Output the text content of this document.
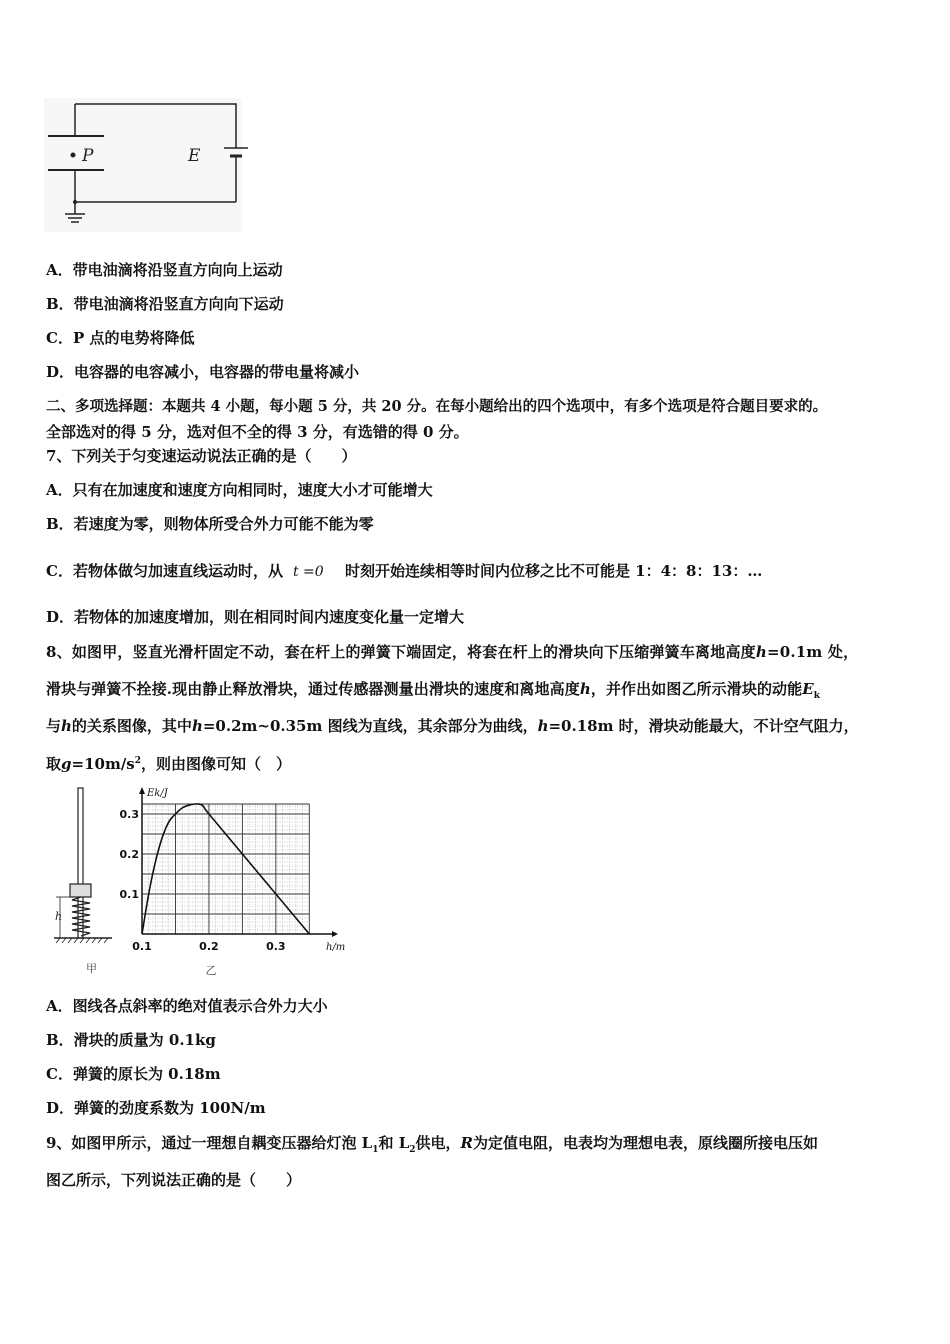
P	E
A．带电油滴将沿竖直方向向上运动
B．带电油滴将沿竖直方向向下运动
C．P 点的电势将降低
D．电容器的电容减小，电容器的带电量将减小
二、多项选择题：本题共 4 小题，每小题 5 分，共 20 分。在每小题给出的四个选项中，有多个选项是符合题目要求的。
全部选对的得 5 分，选对但不全的得 3 分，有选错的得 0 分。
7、下列关于匀变速运动说法正确的是（　　）
A．只有在加速度和速度方向相同时，速度大小才可能增大
B．若速度为零，则物体所受合外力可能不能为零
C．若物体做匀加速直线运动时，从 t =0 时刻开始连续相等时间内位移之比不可能是 1：4：8：13：…
D．若物体的加速度增加，则在相同时间内速度变化量一定增大
8、如图甲，竖直光滑杆固定不动，套在杆上的弹簧下端固定，将套在杆上的滑块向下压缩弹簧车离地高度h=0.1m 处，
滑块与弹簧不拴接.现由静止释放滑块，通过传感器测量出滑块的速度和离地高度h，并作出如图乙所示滑块的动能$E_k$
与h的关系图像，其中h=0.2m~0.35m 图线为直线，其余部分为曲线，h=0.18m 时，滑块动能最大，不计空气阻力，
取$g=10m/s^2$，则由图像可知（　）
h
甲
Ek/J
h/m
0.1	0.2	0.3
0.1
0.2
0.3
乙
A．图线各点斜率的绝对值表示合外力大小
B．滑块的质量为 0.1kg
C．弹簧的原长为 0.18m
D．弹簧的劲度系数为 100N/m
9、如图甲所示，通过一理想自耦变压器给灯泡 $L_1$和 $L_2$供电，R为定值电阻，电表均为理想电表，原线圈所接电压如
图乙所示，下列说法正确的是（　　）
